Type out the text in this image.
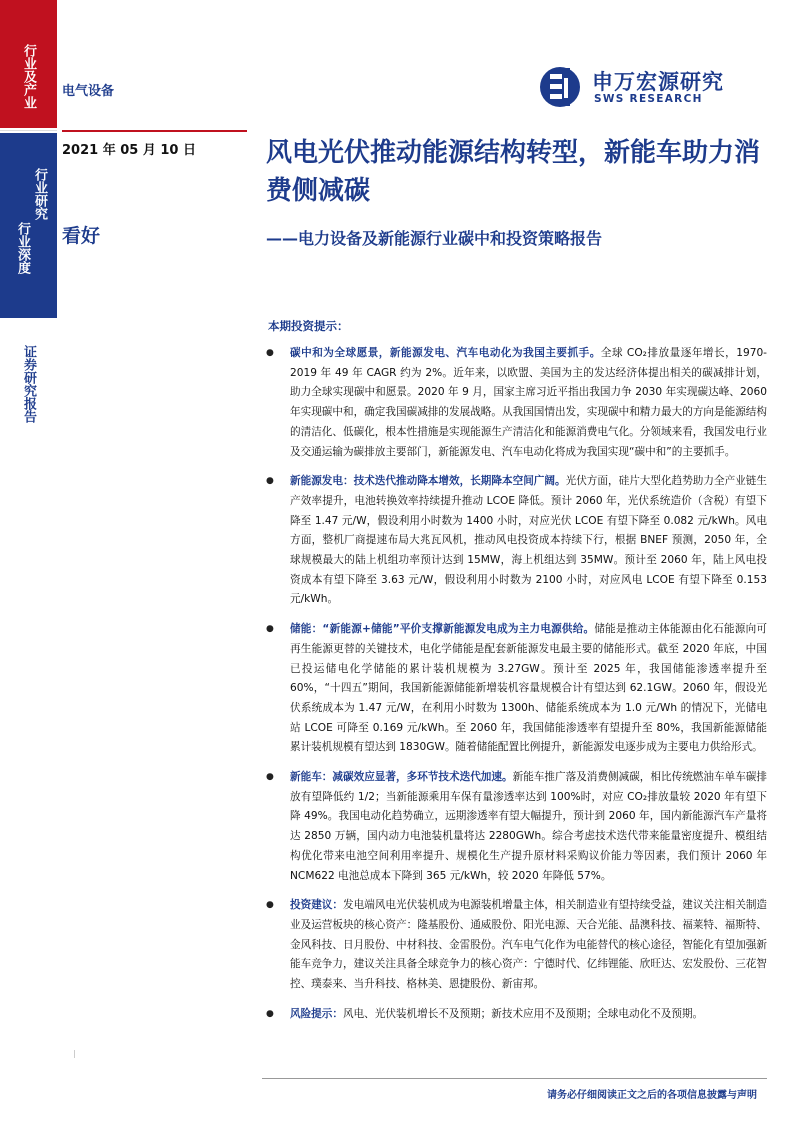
行业及产业
行业研究
行业深度
证券研究报告
电气设备	申万宏源研究
SWS RESEARCH
2021 年 05 月 10 日
看好
风电光伏推动能源结构转型，新能车助力消费侧减碳
——电力设备及新能源行业碳中和投资策略报告
本期投资提示：
● 碳中和为全球愿景，新能源发电、汽车电动化为我国主要抓手。全球 CO₂排放量逐年增长，1970-2019 年 49 年 CAGR 约为 2%。近年来，以欧盟、美国为主的发达经济体提出相关的碳减排计划，助力全球实现碳中和愿景。2020 年 9 月，国家主席习近平指出我国力争 2030 年实现碳达峰、2060 年实现碳中和，确定我国碳减排的发展战略。从我国国情出发，实现碳中和精力最大的方向是能源结构的清洁化、低碳化，根本性措施是实现能源生产清洁化和能源消费电气化。分领域来看，我国发电行业及交通运输为碳排放主要部门，新能源发电、汽车电动化将成为我国实现“碳中和”的主要抓手。
● 新能源发电：技术迭代推动降本增效，长期降本空间广阔。光伏方面，硅片大型化趋势助力全产业链生产效率提升，电池转换效率持续提升推动 LCOE 降低。预计 2060 年，光伏系统造价（含税）有望下降至 1.47 元/W，假设利用小时数为 1400 小时，对应光伏 LCOE 有望下降至 0.082 元/kWh。风电方面，整机厂商提速布局大兆瓦风机，推动风电投资成本持续下行，根据 BNEF 预测，2050 年，全球规模最大的陆上机组功率预计达到 15MW，海上机组达到 35MW。预计至 2060 年，陆上风电投资成本有望下降至 3.63 元/W，假设利用小时数为 2100 小时，对应风电 LCOE 有望下降至 0.153 元/kWh。
● 储能：“新能源+储能”平价支撑新能源发电成为主力电源供给。储能是推动主体能源由化石能源向可再生能源更替的关键技术，电化学储能是配套新能源发电最主要的储能形式。截至 2020 年底，中国已投运储电化学储能的累计装机规模为 3.27GW。预计至 2025 年，我国储能渗透率提升至 60%，“十四五”期间，我国新能源储能新增装机容量规模合计有望达到 62.1GW。2060 年，假设光伏系统成本为 1.47 元/W，在利用小时数为 1300h、储能系统成本为 1.0 元/Wh 的情况下，光储电站 LCOE 可降至 0.169 元/kWh。至 2060 年，我国储能渗透率有望提升至 80%，我国新能源储能累计装机规模有望达到 1830GW。随着储能配置比例提升，新能源发电逐步成为主要电力供给形式。
● 新能车：减碳效应显著，多环节技术迭代加速。新能车推广落及消费侧减碳，相比传统燃油车单车碳排放有望降低约 1/2；当新能源乘用车保有量渗透率达到 100%时，对应 CO₂排放量较 2020 年有望下降 49%。我国电动化趋势确立，远期渗透率有望大幅提升，预计到 2060 年，国内新能源汽车产量将达 2850 万辆，国内动力电池装机量将达 2280GWh。综合考虑技术迭代带来能量密度提升、模组结构优化带来电池空间利用率提升、规模化生产提升原材料采购议价能力等因素，我们预计 2060 年 NCM622 电池总成本下降到 365 元/kWh，较 2020 年降低 57%。
● 投资建议：发电端风电光伏装机成为电源装机增量主体，相关制造业有望持续受益，建议关注相关制造业及运营板块的核心资产：隆基股份、通威股份、阳光电源、天合光能、晶澳科技、福莱特、福斯特、金风科技、日月股份、中材科技、金雷股份。汽车电气化作为电能替代的核心途径，智能化有望加强新能车竞争力，建议关注具备全球竞争力的核心资产：宁德时代、亿纬锂能、欣旺达、宏发股份、三花智控、璞泰来、当升科技、格林美、恩捷股份、新宙邦。
● 风险提示：风电、光伏装机增长不及预期；新技术应用不及预期；全球电动化不及预期。
请务必仔细阅读正文之后的各项信息披露与声明
